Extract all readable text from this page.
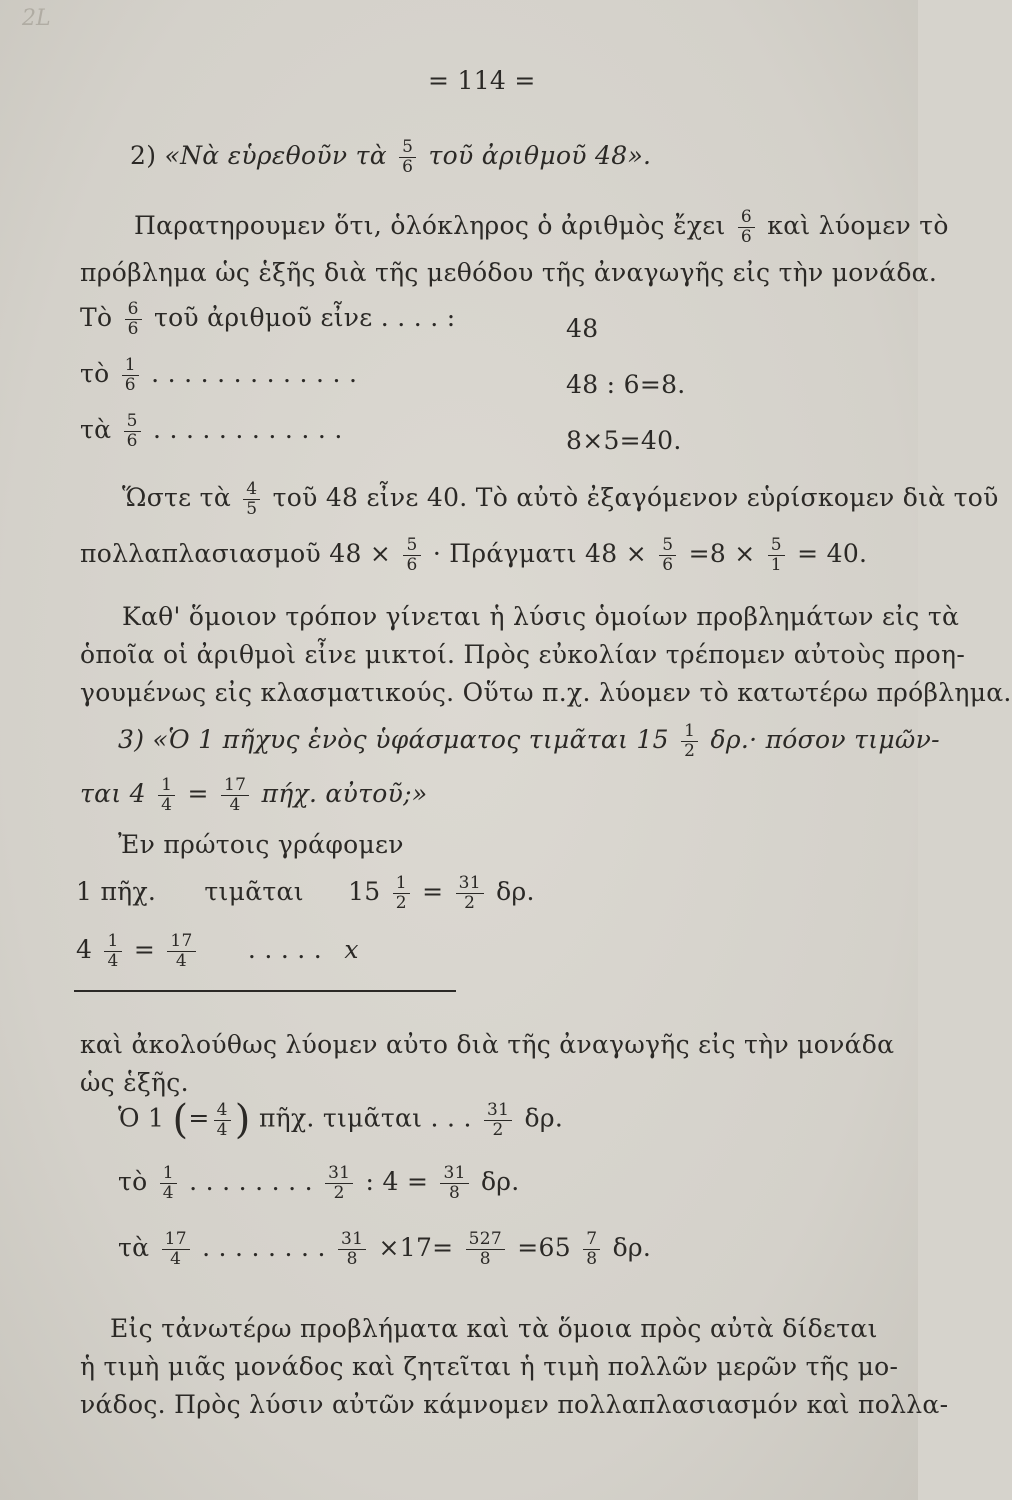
2L
= 114 =
2) «Νὰ εὑρεθοῦν τὰ $\frac{5}{6}$ τοῦ ἀριθμοῦ 48».
Παρατηρουμεν ὅτι, ὁλόκληρος ὁ ἀριθμὸς ἔχει $\frac{6}{6}$ καὶ λύομεν τὸ
πρόβλημα ὡς ἑξῆς διὰ τῆς μεθόδου τῆς ἀναγωγῆς εἰς τὴν μονάδα.
Τὸ $\frac{6}{6}$ τοῦ ἀριθμοῦ εἶνε . . . . :	48
τὸ $\frac{1}{6}$ . . . . . . . . . . . . .	48 : 6=8.
τὰ $\frac{5}{6}$ . . . . . . . . . . . .	8×5=40.
Ὥστε τὰ $\frac{4}{5}$ τοῦ 48 εἶνε 40. Τὸ αὐτὸ ἐξαγόμενον εὑρίσκομεν διὰ τοῦ
πολλαπλασιασμοῦ $48 \times \frac{5}{6} \cdot \Pi\rho ά\gamma\mu\alpha\tau\iota$ $48 \times \frac{5}{6} =8 \times \frac{5}{1} = 40$.
Καθ' ὅμοιον τρόπον γίνεται ἡ λύσις ὁμοίων προβλημάτων εἰς τὰ
ὁποῖα οἱ ἀριθμοὶ εἶνε μικτοί. Πρὸς εὐκολίαν τρέπομεν αὐτοὺς προη-
γουμένως εἰς κλασματικούς. Οὕτω π.χ. λύομεν τὸ κατωτέρω πρόβλημα.
3) «Ὁ 1 πῆχυς ἑνὸς ὑφάσματος τιμᾶται $15 \frac{1}{2} \delta\rho.\cdot \pi ό\sigma o\nu$ τιμῶν-
ται $4 \frac{1}{4} = \frac{17}{4} \pi ή\chi$. αὐτοῦ;»
Ἐν πρώτοις γράφομεν
1 πῆχ. τιμᾶται $15 \frac{1}{2} = \frac{31}{2} \delta\rho$.
$4 \frac{1}{4} = \frac{17}{4}$ . . . . . x
καὶ ἀκολούθως λύομεν αὐτο διὰ τῆς ἀναγωγῆς εἰς τὴν μονάδα
ὡς ἑξῆς.
Ὁ 1 (= $\frac{4}{4}$ ) πῆχ. τιμᾶται . . . $\frac{31}{2} \delta\rho$.
τὸ $\frac{1}{4}$ . . . . . . . . $\frac{31}{2}$ : $4 = \frac{31}{8} \delta\rho$.
τὰ $\frac{17}{4}$ . . . . . . . . $\frac{31}{8} \times 17= \frac{527}{8} =65 \frac{7}{8} \delta\rho$.
Εἰς τἀνωτέρω προβλήματα καὶ τὰ ὅμοια πρὸς αὐτὰ δίδεται
ἡ τιμὴ μιᾶς μονάδος καὶ ζητεῖται ἡ τιμὴ πολλῶν μερῶν τῆς μο-
νάδος. Πρὸς λύσιν αὐτῶν κάμνομεν πολλαπλασιασμόν καὶ πολλα-
